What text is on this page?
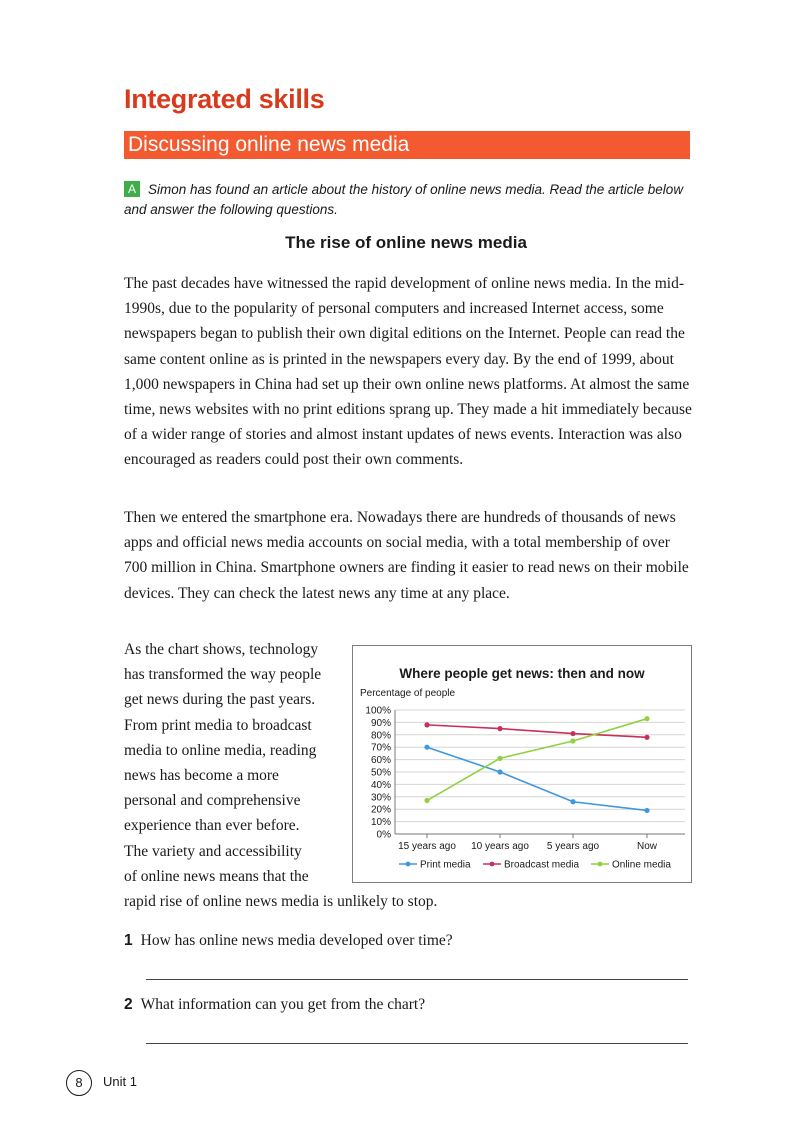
Integrated skills
Discussing online news media
A Simon has found an article about the history of online news media. Read the article below and answer the following questions.
The rise of online news media

The past decades have witnessed the rapid development of online news media. In the mid-1990s, due to the popularity of personal computers and increased Internet access, some newspapers began to publish their own digital editions on the Internet. People can read the same content online as is printed in the newspapers every day. By the end of 1999, about 1,000 newspapers in China had set up their own online news platforms. At almost the same time, news websites with no print editions sprang up. They made a hit immediately because of a wider range of stories and almost instant updates of news events. Interaction was also encouraged as readers could post their own comments.

Then we entered the smartphone era. Nowadays there are hundreds of thousands of news apps and official news media accounts on social media, with a total membership of over 700 million in China. Smartphone owners are finding it easier to read news on their mobile devices. They can check the latest news any time at any place.

As the chart shows, technology
has transformed the way people
get news during the past years.
From print media to broadcast
media to online media, reading
news has become a more
personal and comprehensive
experience than ever before.
The variety and accessibility
of online news means that the
rapid rise of online news media is unlikely to stop.

Where people get news: then and now
Percentage of people
0%
10%
20%
30%
40%
50%
60%
70%
80%
90%
100%
15 years ago 10 years ago 5 years ago	Now
Print media	Broadcast media	Online media

1 How has online news media developed over time?

2 What information can you get from the chart?

8	Unit 1
